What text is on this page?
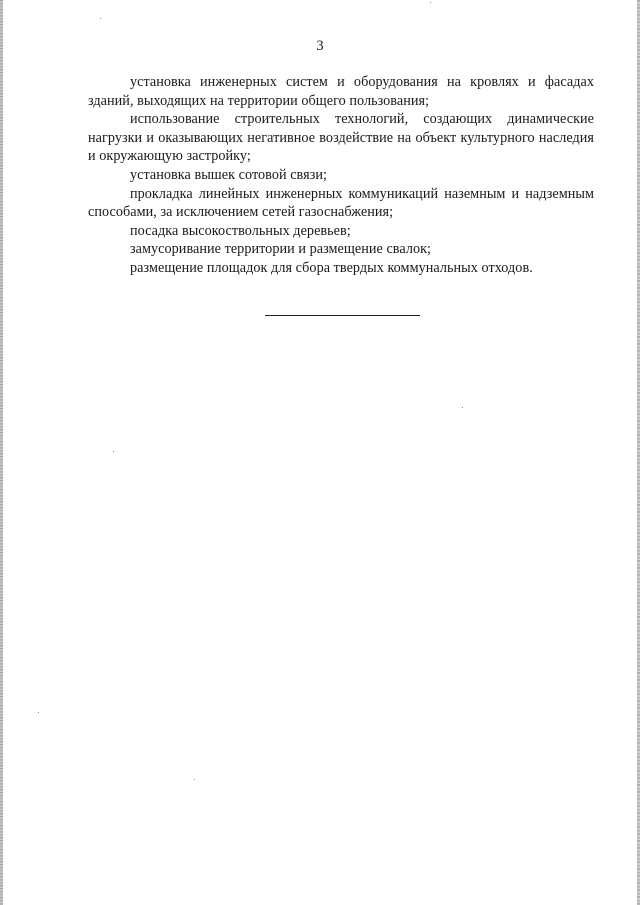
3

установка инженерных систем и оборудования на кровлях и фасадах зданий, выходящих на территории общего пользования;

использование строительных технологий, создающих динамические нагрузки и оказывающих негативное воздействие на объект культурного наследия и окружающую застройку;

установка вышек сотовой связи;

прокладка линейных инженерных коммуникаций наземным и надземным способами, за исключением сетей газоснабжения;

посадка высокоствольных деревьев;

замусоривание территории и размещение свалок;

размещение площадок для сбора твердых коммунальных отходов.
